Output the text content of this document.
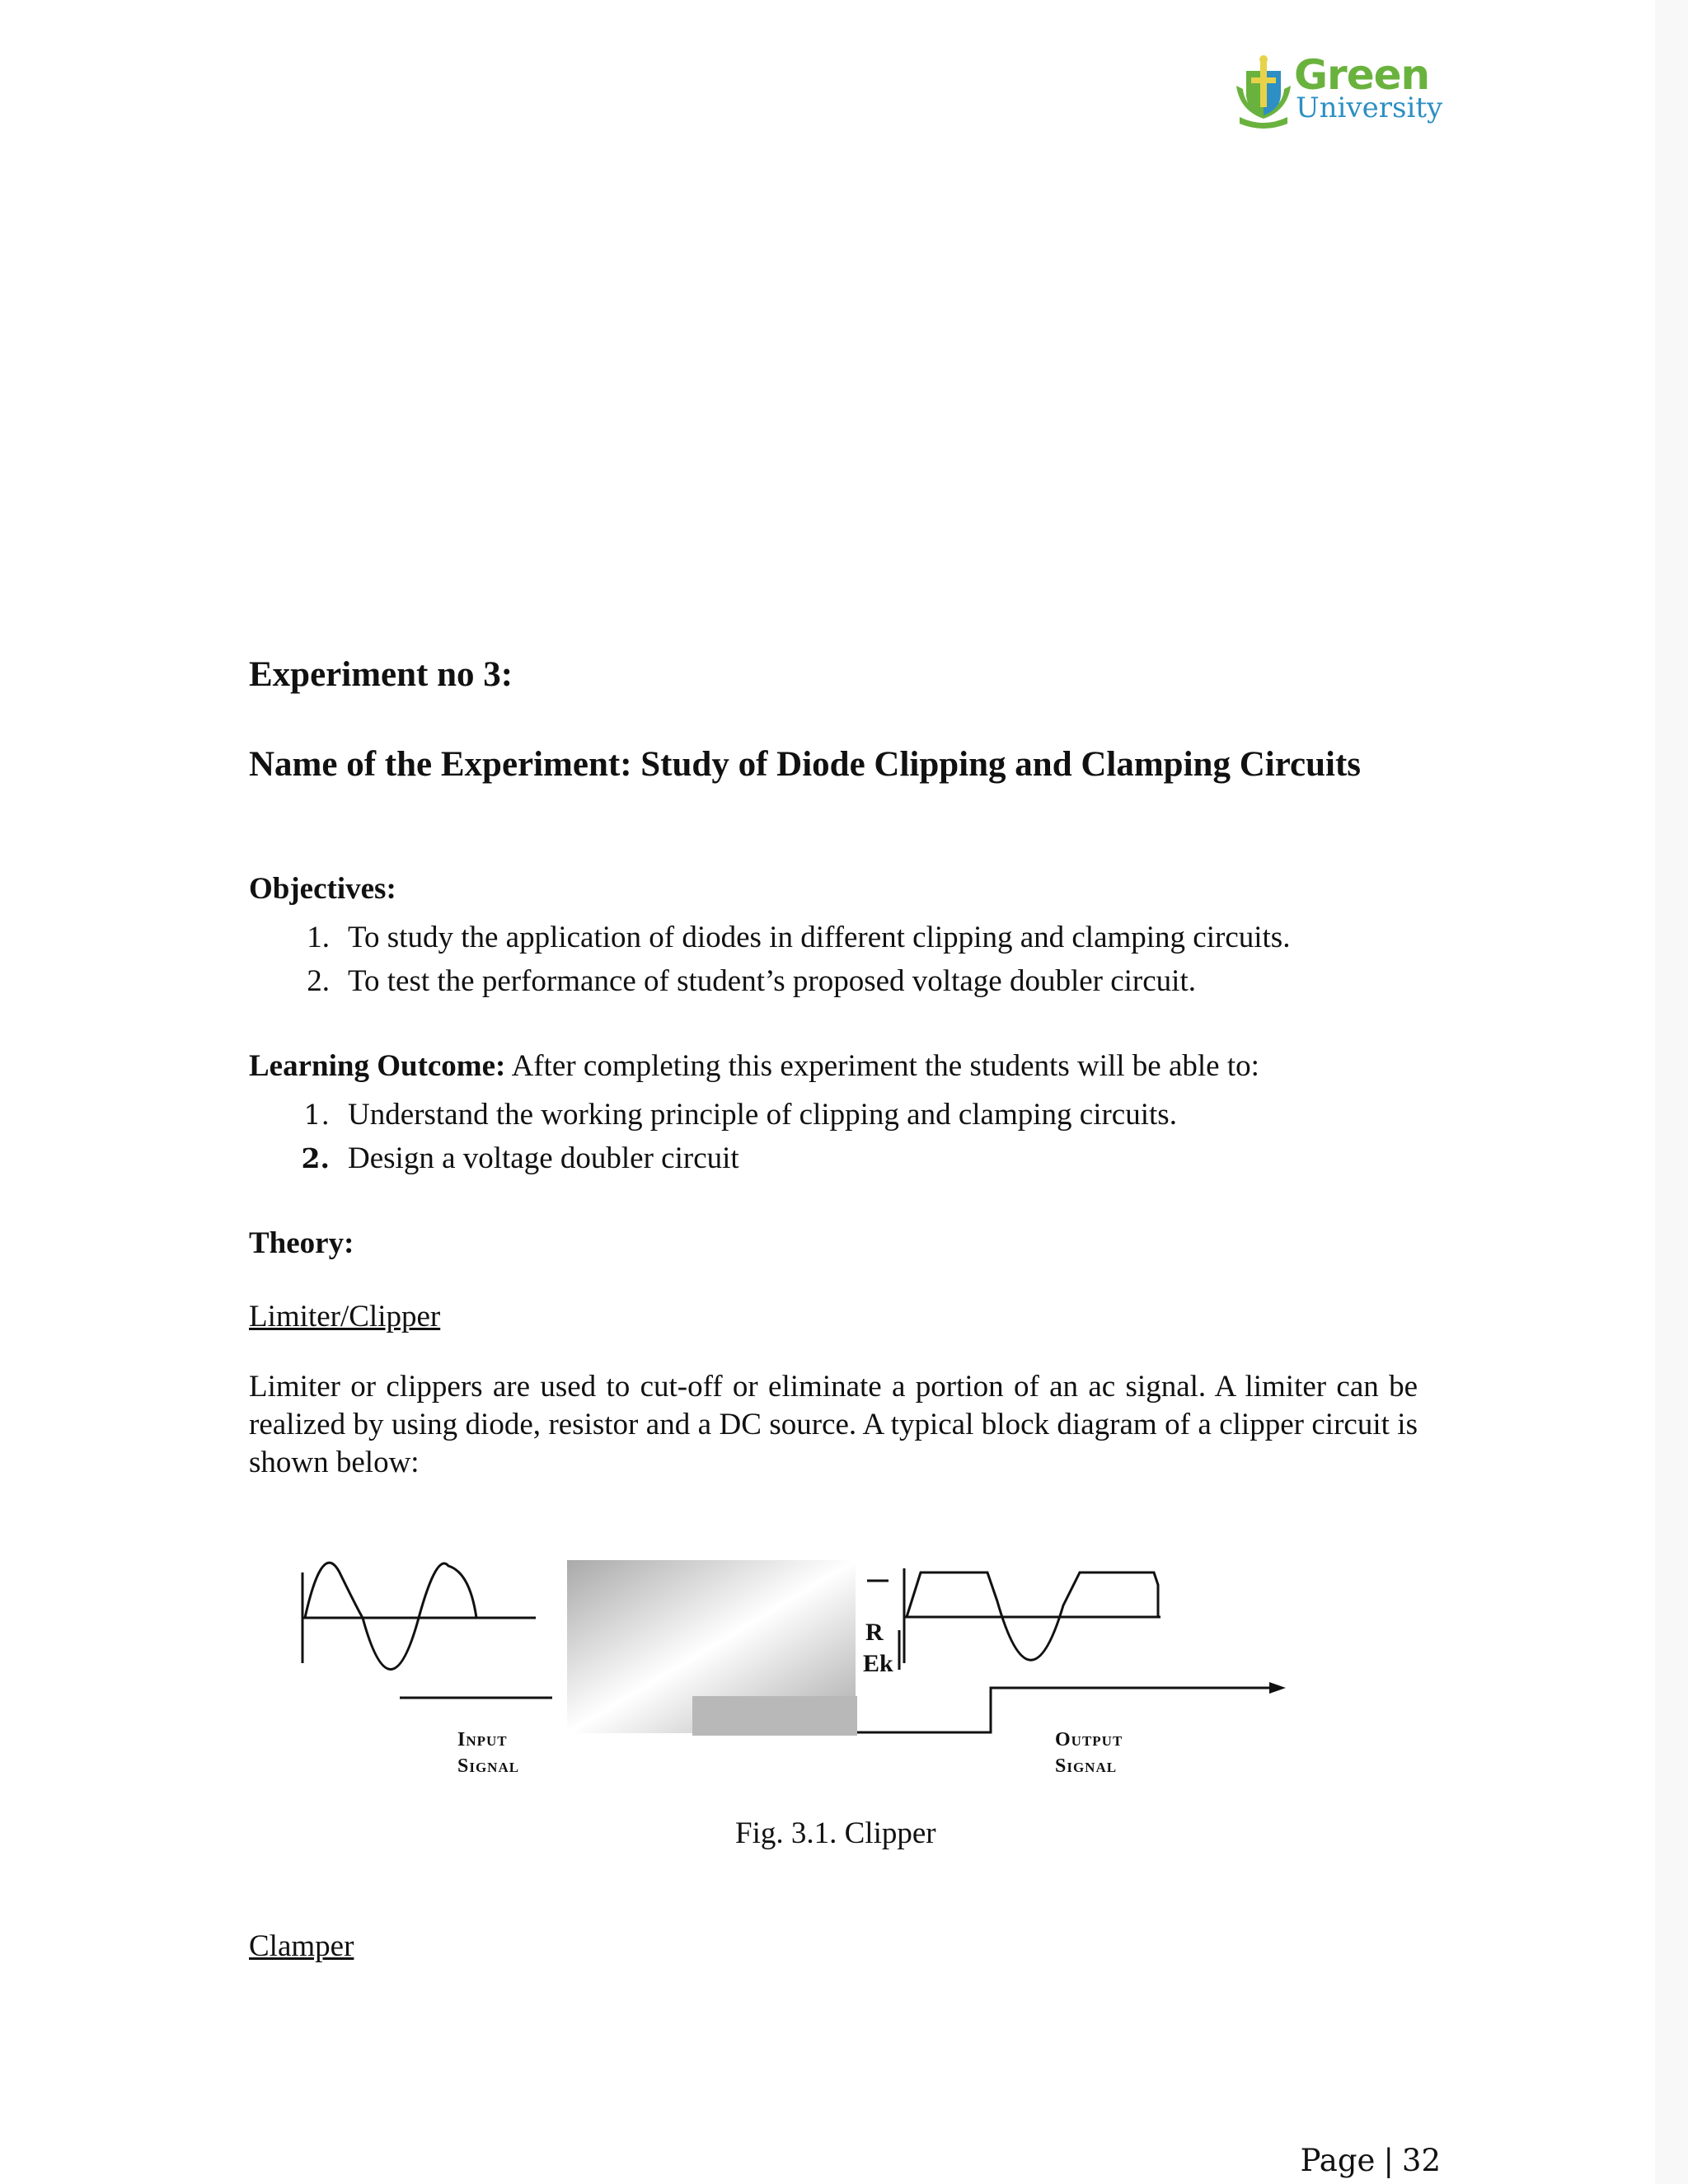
Green
University
Experiment no 3:
Name of the Experiment: Study of Diode Clipping and Clamping Circuits
Objectives:
1. To study the application of diodes in different clipping and clamping circuits.
2. To test the performance of student’s proposed voltage doubler circuit.
Learning Outcome: After completing this experiment the students will be able to:
1. Understand the working principle of clipping and clamping circuits.
2. Design a voltage doubler circuit
Theory:
Limiter/Clipper
Limiter or clippers are used to cut-off or eliminate a portion of an ac signal. A limiter can be realized by using diode, resistor and a DC source. A typical block diagram of a clipper circuit is shown below:
R
Ek
Input
Signal
Output
Signal
Fig. 3.1. Clipper
Clamper
Page | 32
